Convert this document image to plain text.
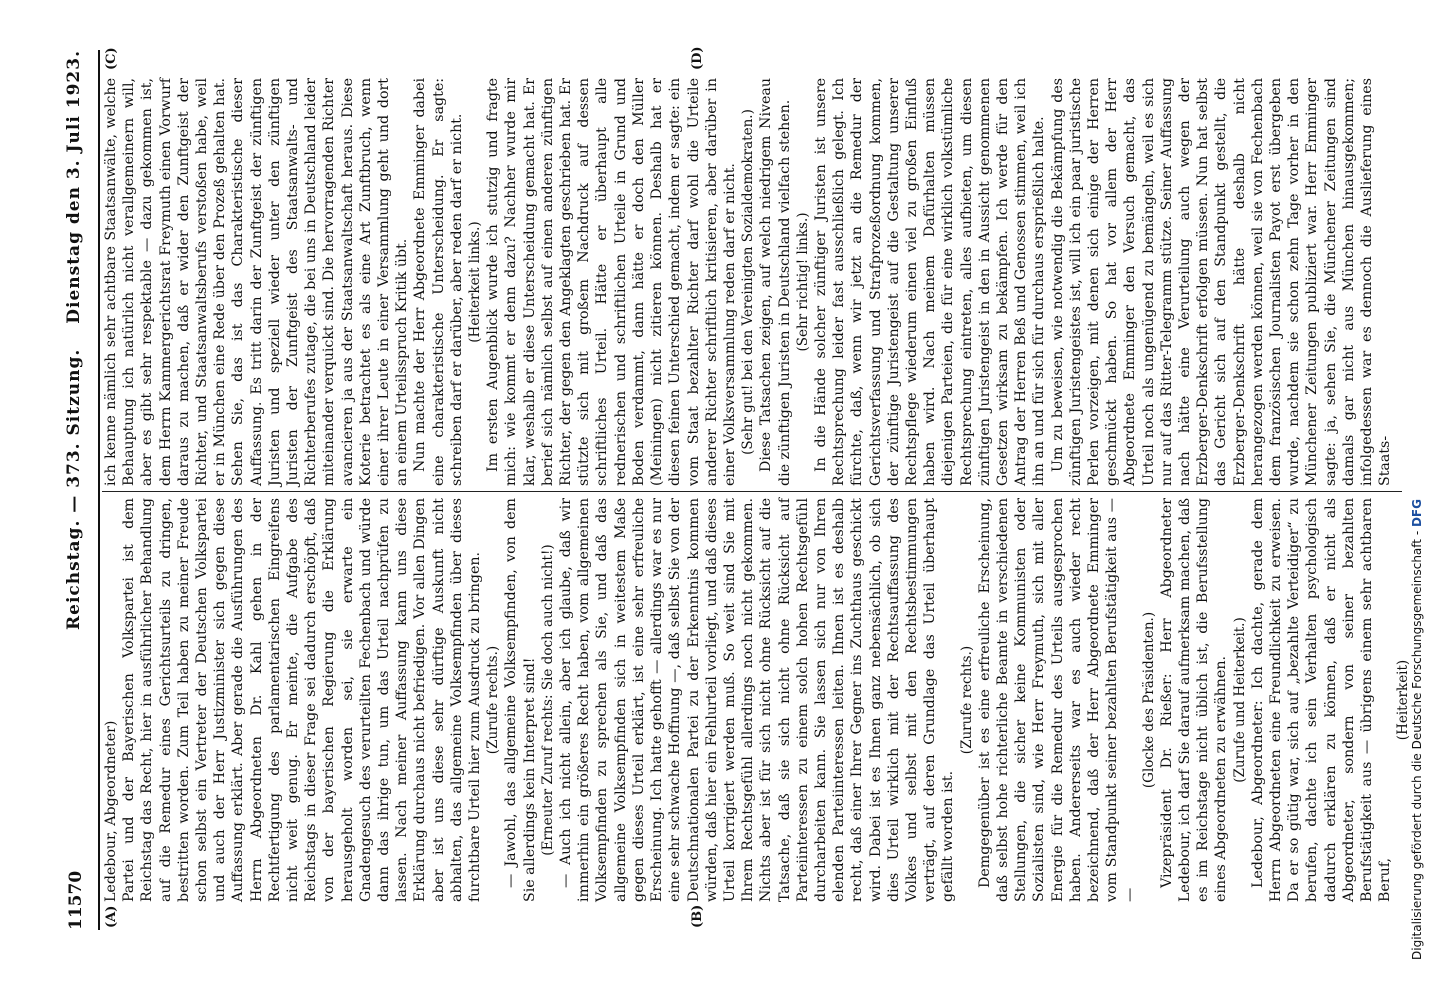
11570
Reichstag. — 373. Sitzung.
Dienstag den 3. Juli 1923.
(A)	(B)
(C)	(D)

Ledebour, Abgeordneter) Partei und der Bayerischen Volkspartei ist dem Reichstag das Recht, hier in ausführlicher Behandlung auf die Remedur eines Gerichtsurteils zu dringen, bestritten worden. Zum Teil haben zu meiner Freude schon selbst ein Vertreter der Deutschen Volkspartei und auch der Herr Justizminister sich gegen diese Auffassung erklärt. Aber gerade die Ausführungen des Herrn Abgeordneten Dr. Kahl gehen in der Rechtfertigung des parlamentarischen Eingreifens nicht weit genug. Er meinte, die Aufgabe des Reichstags in dieser Frage sei dadurch erschöpft, daß von der bayerischen Regierung die Erklärung herausgeholt worden sei, sie erwarte ein Gnadengesuch des verurteilten Fechenbach und würde dann das ihrige tun, um das Urteil nachprüfen zu lassen. Nach meiner Auffassung kann uns diese Erklärung durchaus nicht befriedigen. Vor allen Dingen aber ist uns diese sehr dürftige Auskunft nicht abhalten, das allgemeine Volksempfinden über dieses furchtbare Urteil hier zum Ausdruck zu bringen. (Zurufe rechts.) — Jawohl, das allgemeine Volksempfinden, von dem Sie allerdings kein Interpret sind! (Erneuter Zuruf rechts: Sie doch auch nicht!) — Auch ich nicht allein, aber ich glaube, daß wir immerhin ein größeres Recht haben, vom allgemeinen Volksempfinden zu sprechen als Sie, und daß das allgemeine Volksempfinden sich in weitestem Maße gegen dieses Urteil erklärt, ist eine sehr erfreuliche Erscheinung. Ich hatte gehofft — allerdings war es nur eine sehr schwache Hoffnung —, daß selbst Sie von der Deutschnationalen Partei zu der Erkenntnis kommen würden, daß hier ein Fehlurteil vorliegt, und daß dieses Urteil korrigiert werden muß. So weit sind Sie mit Ihrem Rechtsgefühl allerdings noch nicht gekommen. Nichts aber ist für sich nicht ohne Rücksicht auf die Tatsache, daß sie sich nicht ohne Rücksicht auf Parteiinteressen zu einem solch hohen Rechtsgefühl durcharbeiten kann. Sie lassen sich nur von Ihren elenden Parteiinteressen leiten. Ihnen ist es deshalb recht, daß einer Ihrer Gegner ins Zuchthaus geschickt wird. Dabei ist es Ihnen ganz nebensächlich, ob sich dies Urteil wirklich mit der Rechtsauffassung des Volkes und selbst mit den Rechtsbestimmungen verträgt, auf deren Grundlage das Urteil überhaupt gefällt worden ist.

(Zurufe rechts.) Demgegenüber ist es eine erfreuliche Erscheinung, daß selbst hohe richterliche Beamte in verschiedenen Stellungen, die sicher keine Kommunisten oder Sozialisten sind, wie Herr Freymuth, sich mit aller Energie für die Remedur des Urteils ausgesprochen haben. Andererseits war es auch wieder recht bezeichnend, daß der Herr Abgeordnete Emminger vom Standpunkt seiner bezahlten Berufstätigkeit aus — —

(Glocke des Präsidenten.) Vizepräsident Dr. Rießer: Herr Abgeordneter Ledebour, ich darf Sie darauf aufmerksam machen, daß es im Reichstage nicht üblich ist, die Berufsstellung eines Abgeordneten zu erwähnen. (Zurufe und Heiterkeit.) Ledebour, Abgeordneter: Ich dachte, gerade dem Herrn Abgeordneten eine Freundlichkeit zu erweisen. Da er so gütig war, sich auf „bezahlte Verteidiger“ zu berufen, dachte ich sein Verhalten psychologisch dadurch erklären zu können, daß er nicht als Abgeordneter, sondern von seiner bezahlten Berufstätigkeit aus — übrigens einem sehr achtbaren Beruf,

(Heiterkeit)

ich kenne nämlich sehr achtbare Staatsanwälte, welche Behauptung ich natürlich nicht verallgemeinern will, aber es gibt sehr respektable — dazu gekommen ist, dem Herrn Kammergerichtsrat Freymuth einen Vorwurf daraus zu machen, daß er wider den Zunftgeist der Richter, und Staatsanwaltsberufs verstoßen habe, weil er in München eine Rede über den Prozeß gehalten hat. Sehen Sie, das ist das Charakteristische dieser Auffassung. Es tritt darin der Zunftgeist der zünftigen Juristen und speziell wieder unter den zünftigen Juristen der Zunftgeist des Staatsanwalts- und Richterberufes zutage, die bei uns in Deutschland leider miteinander verquickt sind. Die hervorragenden Richter avancieren ja aus der Staatsanwaltschaft heraus. Diese Koterie betrachtet es als eine Art Zunftbruch, wenn einer ihrer Leute in einer Versammlung geht und dort an einem Urteilsspruch Kritik übt. Nun machte der Herr Abgeordnete Emminger dabei eine charakteristische Unterscheidung. Er sagte: schreiben darf er darüber, aber reden darf er nicht. (Heiterkeit links.) Im ersten Augenblick wurde ich stutzig und fragte mich: wie kommt er denn dazu? Nachher wurde mir klar, weshalb er diese Unterscheidung gemacht hat. Er berief sich nämlich selbst auf einen anderen zünftigen Richter, der gegen den Angeklagten geschrieben hat. Er stützte sich mit großem Nachdruck auf dessen schriftliches Urteil. Hätte er überhaupt alle rednerischen und schriftlichen Urteile in Grund und Boden verdammt, dann hätte er doch den Müller (Meiningen) nicht zitieren können. Deshalb hat er diesen feinen Unterschied gemacht, indem er sagte: ein vom Staat bezahlter Richter darf wohl die Urteile anderer Richter schriftlich kritisieren, aber darüber in einer Volksversammlung reden darf er nicht. (Sehr gut! bei den Vereinigten Sozialdemokraten.) Diese Tatsachen zeigen, auf welch niedrigem Niveau die zünftigen Juristen in Deutschland vielfach stehen. (Sehr richtig! links.) In die Hände solcher zünftiger Juristen ist unsere Rechtsprechung leider fast ausschließlich gelegt. Ich fürchte, daß, wenn wir jetzt an die Remedur der Gerichtsverfassung und Strafprozeßordnung kommen, der zünftige Juristengeist auf die Gestaltung unserer Rechtspflege wiederum einen viel zu großen Einfluß haben wird. Nach meinem Dafürhalten müssen diejenigen Parteien, die für eine wirklich volkstümliche Rechtsprechung eintreten, alles aufbieten, um diesen zünftigen Juristengeist in den in Aussicht genommenen Gesetzen wirksam zu bekämpfen. Ich werde für den Antrag der Herren Beß und Genossen stimmen, weil ich ihn an und für sich für durchaus ersprießlich halte. Um zu beweisen, wie notwendig die Bekämpfung des zünftigen Juristengeistes ist, will ich ein paar juristische Perlen vorzeigen, mit denen sich einige der Herren geschmückt haben. So hat vor allem der Herr Abgeordnete Emminger den Versuch gemacht, das Urteil noch als ungenügend zu bemängeln, weil es sich nur auf das Ritter-Telegramm stütze. Seiner Auffassung nach hätte eine Verurteilung auch wegen der Erzberger-Denkschrift erfolgen müssen. Nun hat selbst das Gericht sich auf den Standpunkt gestellt, die Erzberger-Denkschrift hätte deshalb nicht herangezogen werden können, weil sie von Fechenbach dem französischen Journalisten Payot erst übergeben wurde, nachdem sie schon zehn Tage vorher in den Münchener Zeitungen publiziert war. Herr Emminger sagte: ja, sehen Sie, die Münchener Zeitungen sind damals gar nicht aus München hinausgekommen; infolgedessen war es dennoch die Auslieferung eines Staats-

Digitalisierung gefördert durch die Deutsche Forschungsgemeinschaft - DFG
